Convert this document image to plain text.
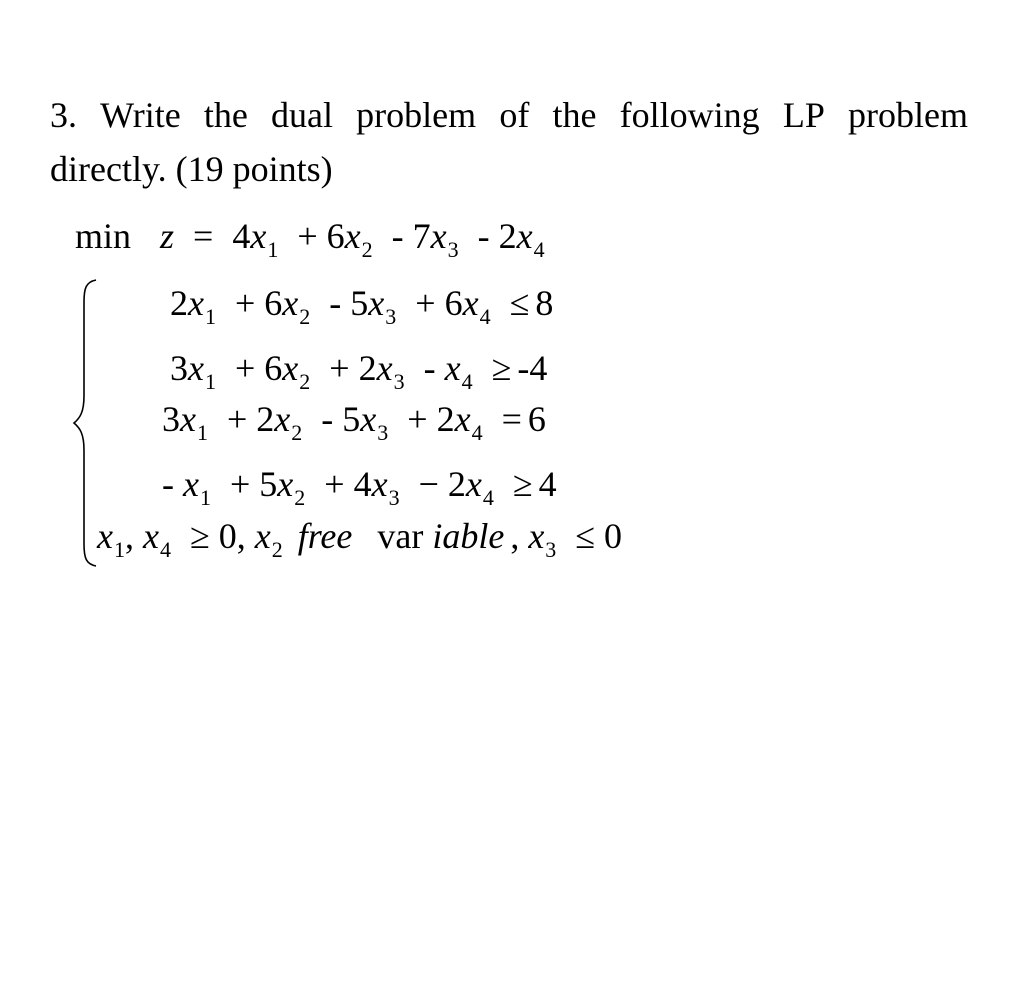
3. Write the dual problem of the following LP problem
directly. (19 points)
$\min z = 4x_1 + 6x_2 - 7x_3 - 2x_4$
$2x_1 + 6x_2 - 5x_3 + 6x_4 \le 8$
$3x_1 + 6x_2 + 2x_3 - x_4 \ge -4$
$3x_1 + 2x_2 - 5x_3 + 2x_4 = 6$
- $x_1 + 5x_2 + 4x_3 - 2x_4 \ge 4$
$x_1$, $x_4 \ge 0$, $x_2$ free var iable , $x_3 \le 0$
